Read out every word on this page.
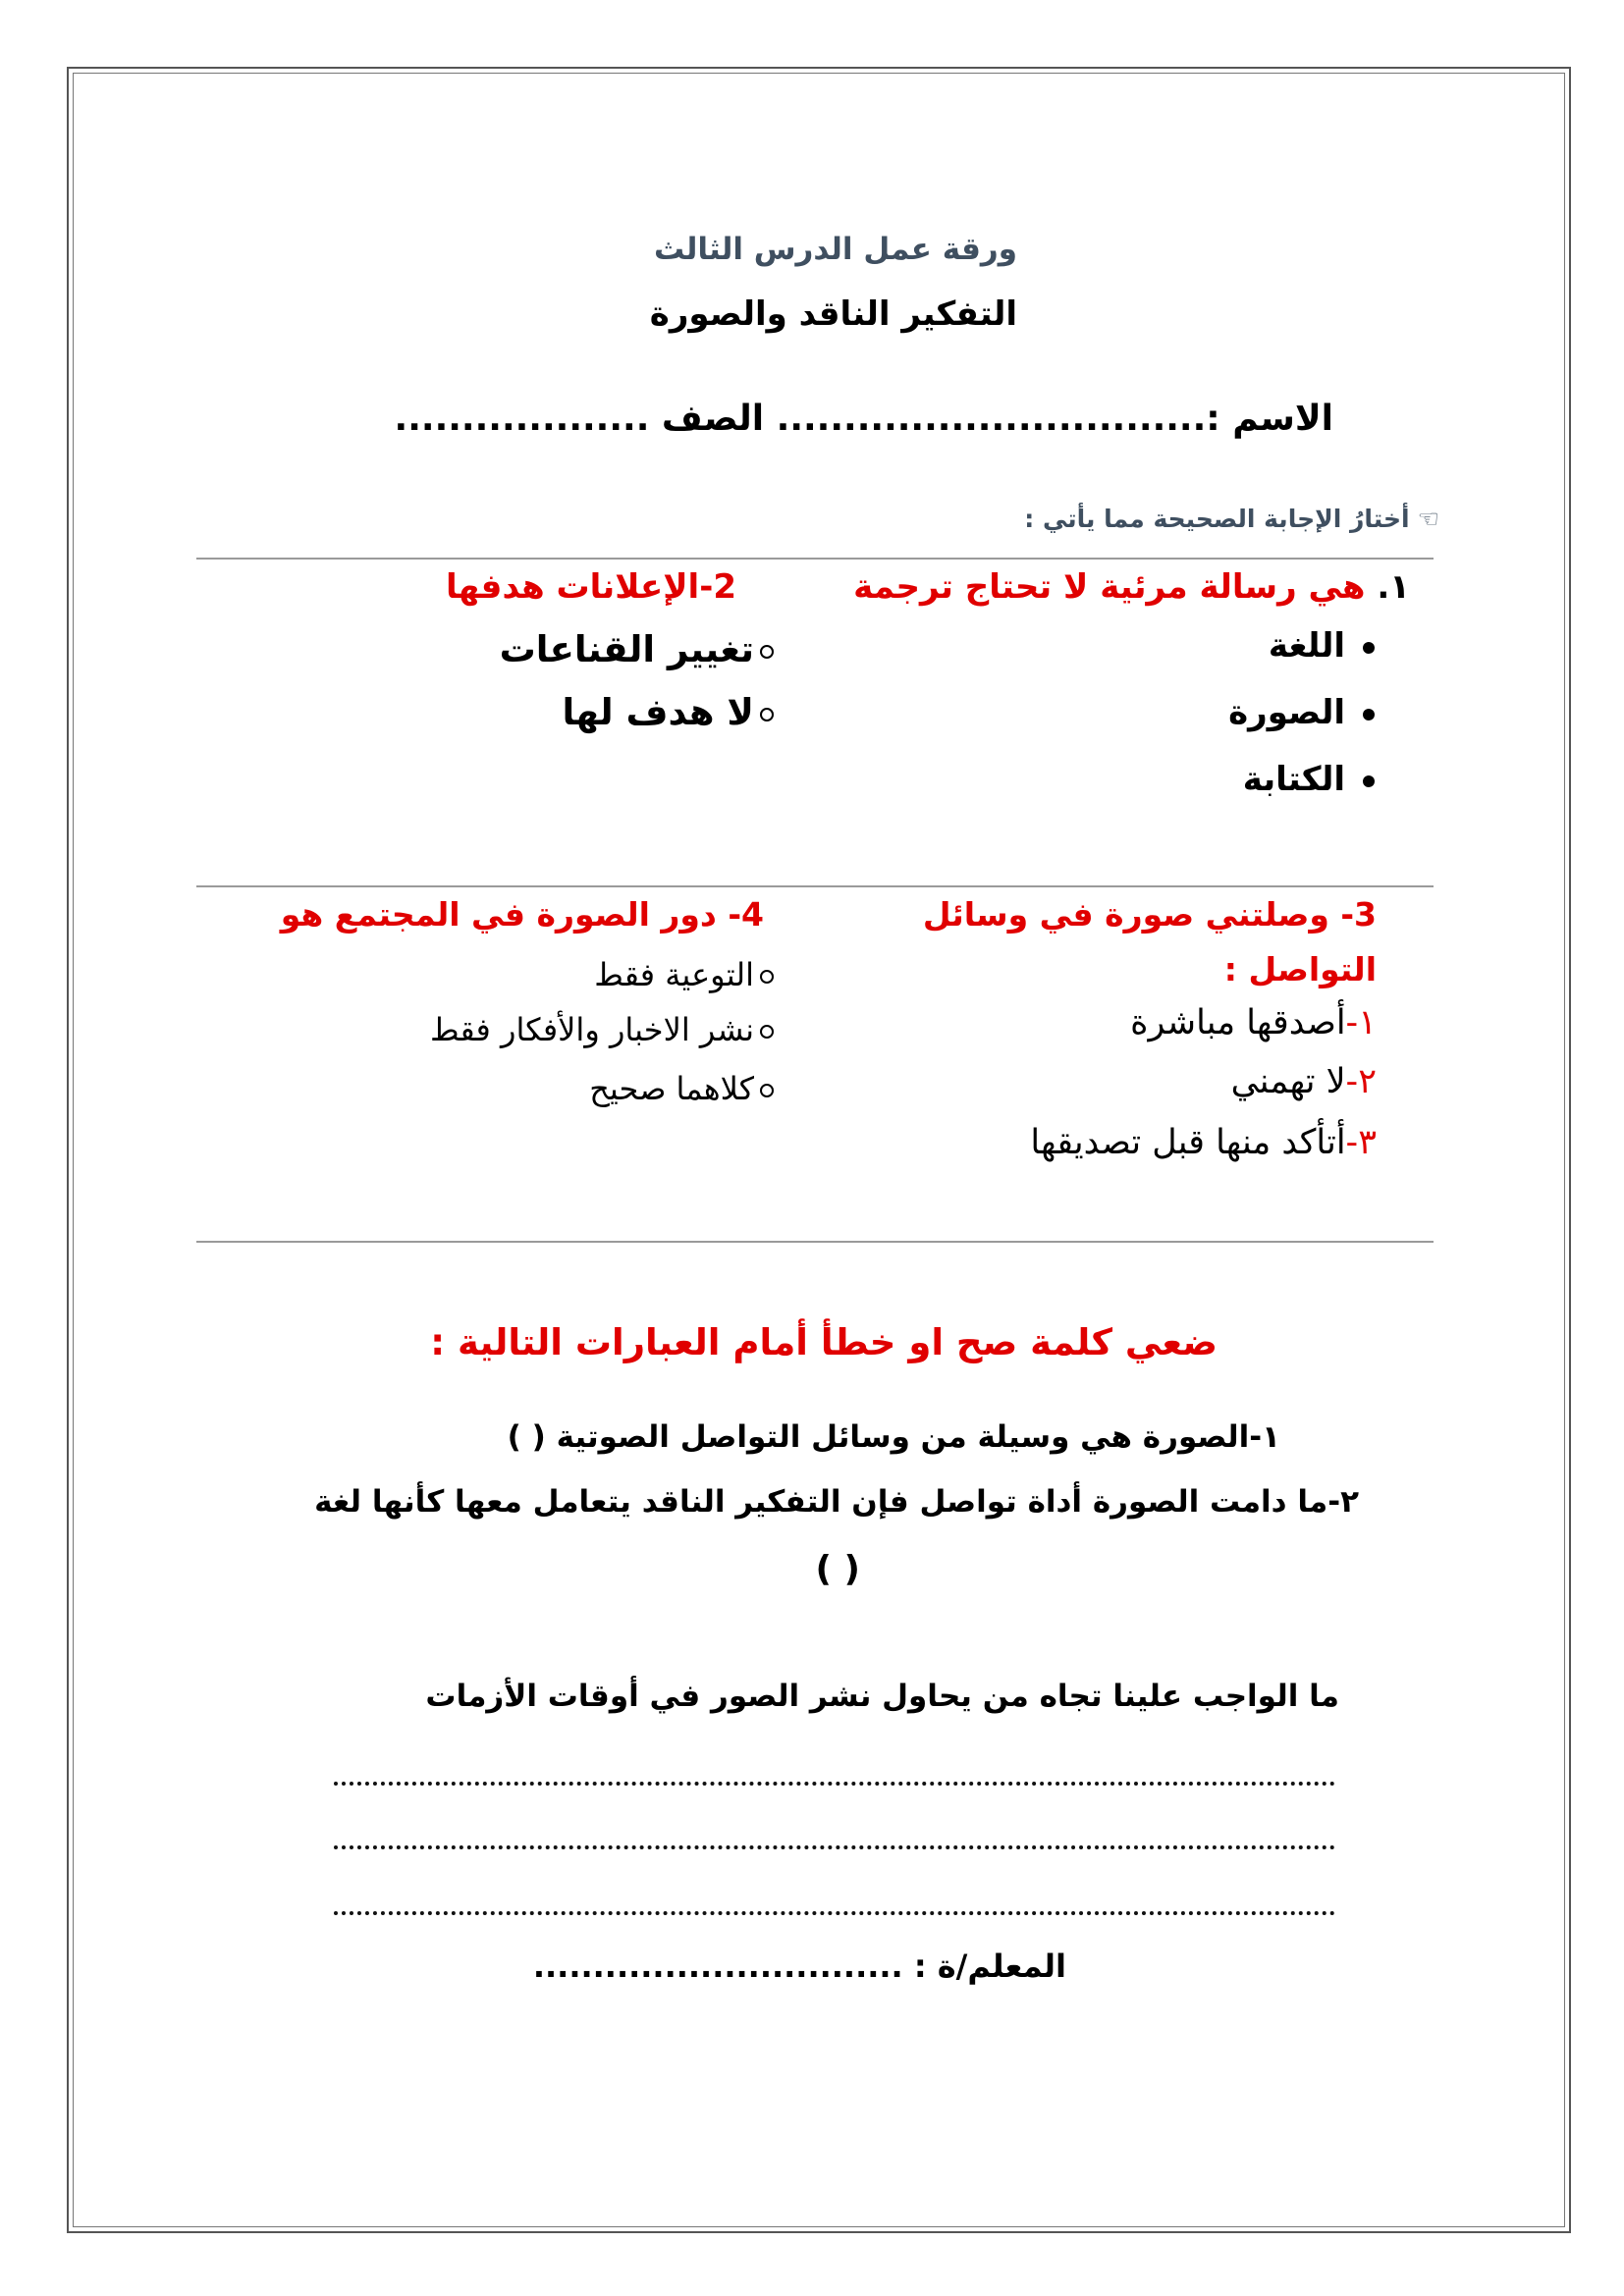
ورقة عمل الدرس الثالث
التفكير الناقد والصورة
الاسم :................................ الصف ...................
☜أختارُ الإجابة الصحيحة مما يأتي :
١. هي رسالة مرئية لا تحتاج ترجمة
اللغة
الصورة
الكتابة
2-الإعلانات هدفها
تغيير القناعات
لا هدف لها
3- وصلتني صورة في وسائل
التواصل :
١-أصدقها مباشرة
٢-لا تهمني
٣-أتأكد منها قبل تصديقها
4- دور الصورة في المجتمع هو
التوعية فقط
نشر الاخبار والأفكار فقط
كلاهما صحيح
ضعي كلمة صح او خطأ أمام العبارات التالية :
١-الصورة هي وسيلة من وسائل التواصل الصوتية ( )
٢-ما دامت الصورة أداة تواصل فإن التفكير الناقد يتعامل معها كأنها لغة
( )
ما الواجب علينا تجاه من يحاول نشر الصور في أوقات الأزمات
المعلم/ة : ...............................
